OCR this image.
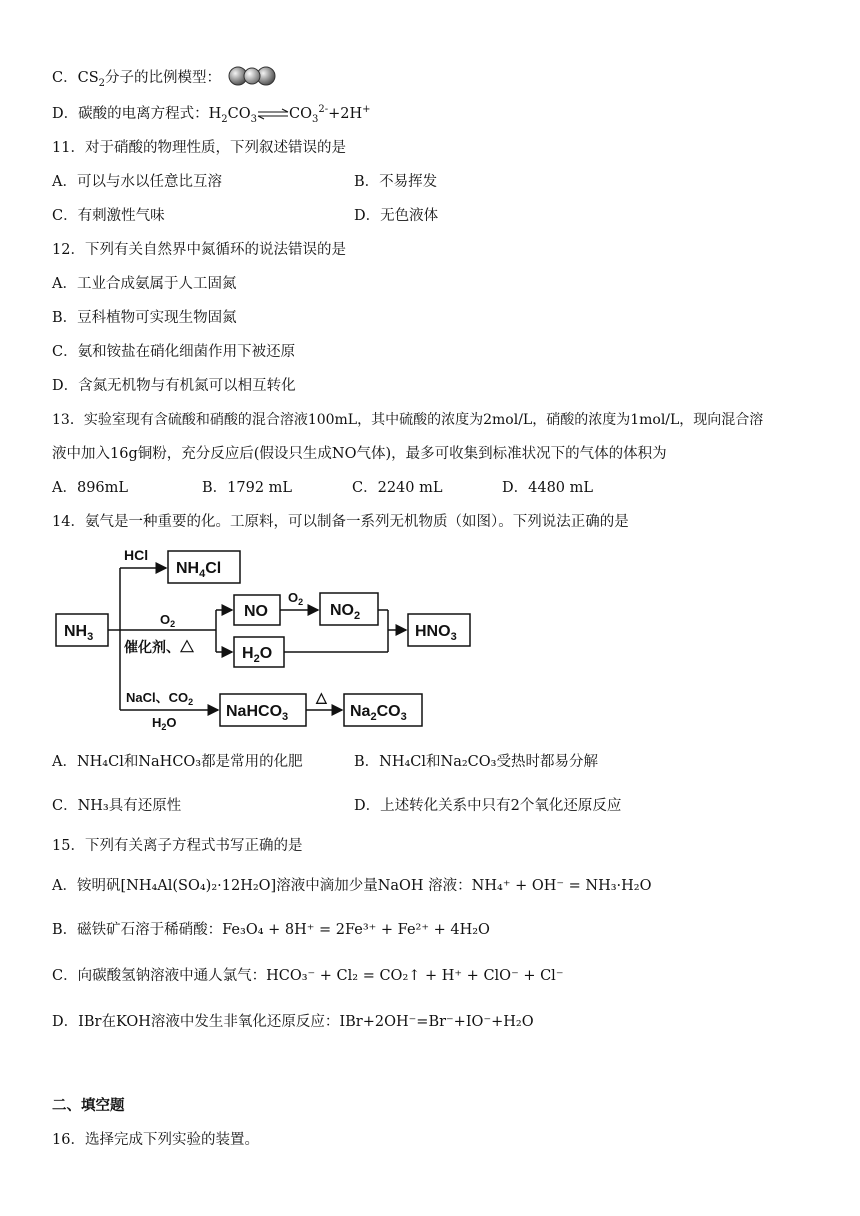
C．$CS_2$分子的比例模型：
D．碳酸的电离方程式：$H_2CO_3\rightleftharpoons CO_3^{2-}+2H^+$
11．对于硝酸的物理性质，下列叙述错误的是
A．可以与水以任意比互溶	B．不易挥发
C．有刺激性气味	D．无色液体
12．下列有关自然界中氮循环的说法错误的是
A．工业合成氨属于人工固氮
B．豆科植物可实现生物固氮
C．氨和铵盐在硝化细菌作用下被还原
D．含氮无机物与有机氮可以相互转化
13．实验室现有含硫酸和硝酸的混合溶液100mL，其中硫酸的浓度为2mol/L，硝酸的浓度为1mol/L，现向混合溶
液中加入16g铜粉，充分反应后(假设只生成NO气体)，最多可收集到标准状况下的气体的体积为
A．896mL	B．1792 mL	C．2240 mL	D．4480 mL
14．氨气是一种重要的化。工原料，可以制备一系列无机物质（如图）。下列说法正确的是
$NH_3$
HCl
$NH_4Cl$
$O_2$
催化剂、△
NO
$O_2$ $NO_2$
$H_2O$
$HNO_3$
NaCl、$CO_2$
$H_2O$
NaHCO$_3$
△
$Na_2CO_3$
A．NH₄Cl和NaHCO₃都是常用的化肥	B．NH₄Cl和Na₂CO₃受热时都易分解
C．NH₃具有还原性	D．上述转化关系中只有2个氧化还原反应
15．下列有关离子方程式书写正确的是
A．铵明矾[NH₄Al(SO₄)₂·12H₂O]溶液中滴加少量NaOH 溶液：NH₄⁺ + OH⁻ = NH₃·H₂O
B．磁铁矿石溶于稀硝酸：Fe₃O₄ + 8H⁺ = 2Fe³⁺ + Fe²⁺ + 4H₂O
C．向碳酸氢钠溶液中通人氯气：HCO₃⁻ + Cl₂ = CO₂↑ + H⁺ + ClO⁻ + Cl⁻
D．IBr在KOH溶液中发生非氧化还原反应：IBr+2OH⁻=Br⁻+IO⁻+H₂O
二、填空题
16．选择完成下列实验的装置。
